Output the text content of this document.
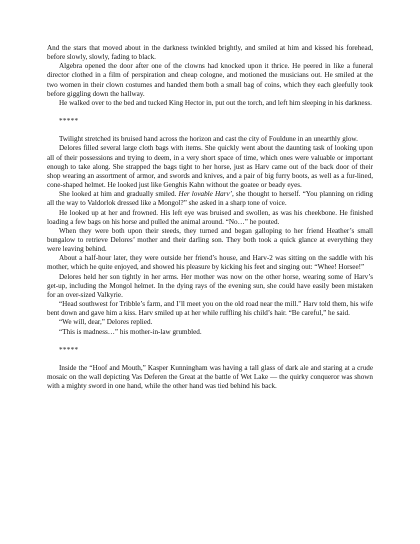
And the stars that moved about in the darkness twinkled brightly, and smiled at him and kissed his forehead, before slowly, slowly, fading to black.

Algebra opened the door after one of the clowns had knocked upon it thrice. He peered in like a funeral director clothed in a film of perspiration and cheap cologne, and motioned the musicians out. He smiled at the two women in their clown costumes and handed them both a small bag of coins, which they each gleefully took before giggling down the hallway.

He walked over to the bed and tucked King Hector in, put out the torch, and left him sleeping in his darkness.

*****

Twilight stretched its bruised hand across the horizon and cast the city of Fouldune in an unearthly glow.

Delores filled several large cloth bags with items. She quickly went about the daunting task of looking upon all of their possessions and trying to deem, in a very short space of time, which ones were valuable or important enough to take along. She strapped the bags tight to her horse, just as Harv came out of the back door of their shop wearing an assortment of armor, and swords and knives, and a pair of big furry boots, as well as a fur-lined, cone-shaped helmet. He looked just like Genghis Kahn without the goatee or beady eyes.

She looked at him and gradually smiled. Her lovable Harv’, she thought to herself. “You planning on riding all the way to Valdorlok dressed like a Mongol?” she asked in a sharp tone of voice.

He looked up at her and frowned. His left eye was bruised and swollen, as was his cheekbone. He finished loading a few bags on his horse and pulled the animal around. “No…” he pouted.

When they were both upon their steeds, they turned and began galloping to her friend Heather’s small bungalow to retrieve Delores’ mother and their darling son. They both took a quick glance at everything they were leaving behind.

About a half-hour later, they were outside her friend’s house, and Harv-2 was sitting on the saddle with his mother, which he quite enjoyed, and showed his pleasure by kicking his feet and singing out: “Whee! Horsee!”

Delores held her son tightly in her arms. Her mother was now on the other horse, wearing some of Harv’s get-up, including the Mongol helmet. In the dying rays of the evening sun, she could have easily been mistaken for an over-sized Valkyrie.

“Head southwest for Tribble’s farm, and I’ll meet you on the old road near the mill.” Harv told them, his wife bent down and gave him a kiss. Harv smiled up at her while ruffling his child’s hair. “Be careful,” he said.

“We will, dear,” Delores replied.

“This is madness…” his mother-in-law grumbled.

*****

Inside the “Hoof and Mouth,” Kasper Kunningham was having a tall glass of dark ale and staring at a crude mosaic on the wall depicting Vas Deferen the Great at the battle of Wet Lake — the quirky conqueror was shown with a mighty sword in one hand, while the other hand was tied behind his back.
